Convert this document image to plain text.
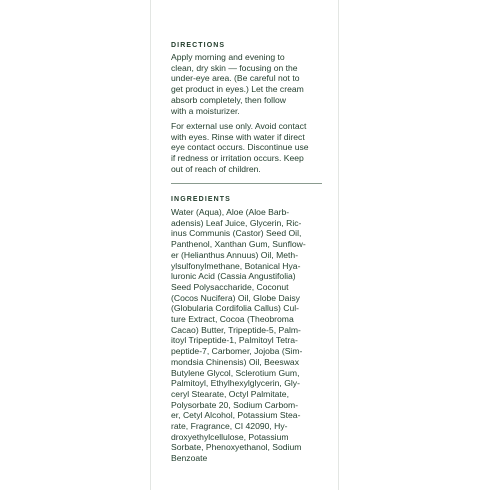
DIRECTIONS
Apply morning and evening to
clean, dry skin — focusing on the
under-eye area. (Be careful not to
get product in eyes.) Let the cream
absorb completely, then follow
with a moisturizer.
For external use only. Avoid contact
with eyes. Rinse with water if direct
eye contact occurs. Discontinue use
if redness or irritation occurs. Keep
out of reach of children.
INGREDIENTS
Water (Aqua), Aloe (Aloe Barb-
adensis) Leaf Juice, Glycerin, Ric-
inus Communis (Castor) Seed Oil,
Panthenol, Xanthan Gum, Sunflow-
er (Helianthus Annuus) Oil, Meth-
ylsulfonylmethane, Botanical Hya-
luronic Acid (Cassia Angustifolia)
Seed Polysaccharide, Coconut
(Cocos Nucifera) Oil, Globe Daisy
(Globularia Cordifolia Callus) Cul-
ture Extract, Cocoa (Theobroma
Cacao) Butter, Tripeptide-5, Palm-
itoyl Tripeptide-1, Palmitoyl Tetra-
peptide-7, Carbomer, Jojoba (Sim-
mondsia Chinensis) Oil, Beeswax
Butylene Glycol, Sclerotium Gum,
Palmitoyl, Ethylhexylglycerin, Gly-
ceryl Stearate, Octyl Palmitate,
Polysorbate 20, Sodium Carbom-
er, Cetyl Alcohol, Potassium Stea-
rate, Fragrance, CI 42090, Hy-
droxyethylcellulose, Potassium
Sorbate, Phenoxyethanol, Sodium
Benzoate
